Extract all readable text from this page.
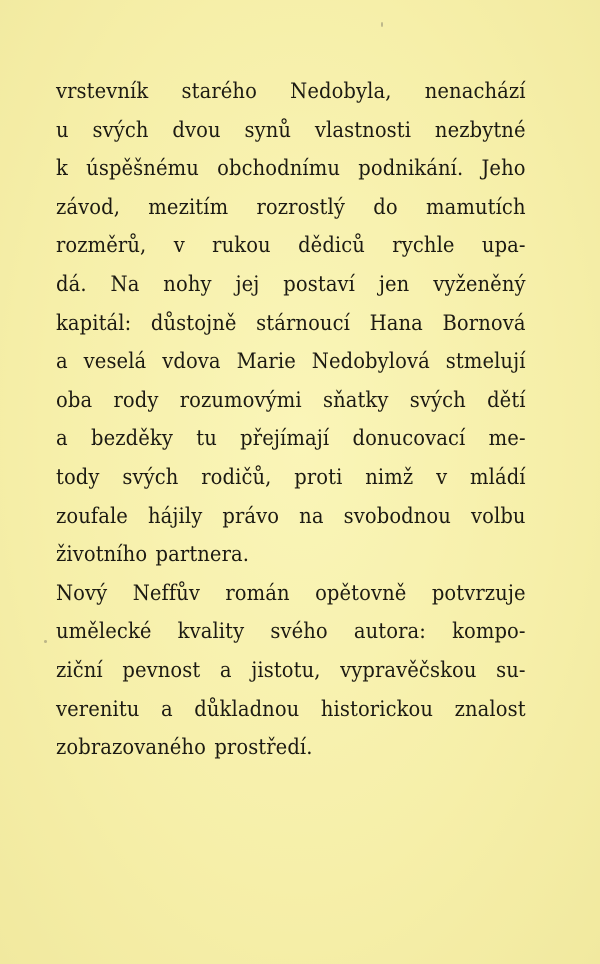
vrstevník starého Nedobyla, nenachází
u svých dvou synů vlastnosti nezbytné
k úspěšnému obchodnímu podnikání. Jeho
závod, mezitím rozrostlý do mamutích
rozměrů, v rukou dědiců rychle upa-
dá. Na nohy jej postaví jen vyženěný
kapitál: důstojně stárnoucí Hana Bornová
a veselá vdova Marie Nedobylová stmelují
oba rody rozumovými sňatky svých dětí
a bezděky tu přejímají donucovací me-
tody svých rodičů, proti nimž v mládí
zoufale hájily právo na svobodnou volbu
životního partnera.
Nový Neffův román opětovně potvrzuje
umělecké kvality svého autora: kompo-
ziční pevnost a jistotu, vypravěčskou su-
verenitu a důkladnou historickou znalost
zobrazovaného prostředí.
